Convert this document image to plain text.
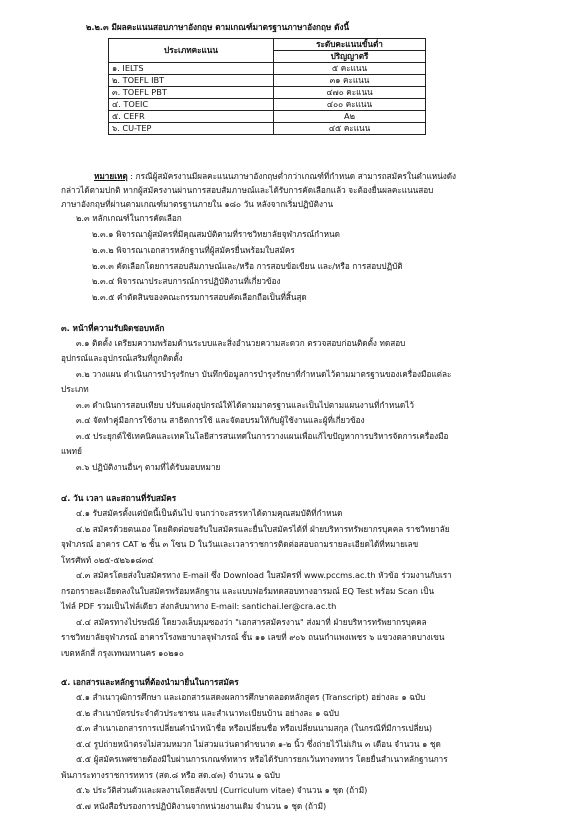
๒.๒.๓ มีผลคะแนนสอบภาษาอังกฤษ ตามเกณฑ์มาตรฐานภาษาอังกฤษ ดังนี้
ประเภทคะแนน	ระดับคะแนนขั้นต่ำ
	ปริญญาตรี
๑. IELTS	๕ คะแนน
๒. TOEFL IBT	๓๑ คะแนน
๓. TOEFL PBT	๔๗๐ คะแนน
๔. TOEIC	๔๐๐ คะแนน
๕. CEFR	A๒
๖. CU-TEP	๔๕ คะแนน
หมายเหตุ : กรณีผู้สมัครงานมีผลคะแนนภาษาอังกฤษต่ำกว่าเกณฑ์ที่กำหนด สามารถสมัครในตำแหน่งดัง
กล่าวได้ตามปกติ หากผู้สมัครงานผ่านการสอบสัมภาษณ์และได้รับการคัดเลือกแล้ว จะต้องยื่นผลคะแนนสอบ
ภาษาอังกฤษที่ผ่านตามเกณฑ์มาตรฐานภายใน ๑๘๐ วัน หลังจากเริ่มปฏิบัติงาน
๒.๓ หลักเกณฑ์ในการคัดเลือก
๒.๓.๑ พิจารณาผู้สมัครที่มีคุณสมบัติตามที่ราชวิทยาลัยจุฬาภรณ์กำหนด
๒.๓.๒ พิจารณาเอกสารหลักฐานที่ผู้สมัครยื่นพร้อมใบสมัคร
๒.๓.๓ คัดเลือกโดยการสอบสัมภาษณ์และ/หรือ การสอบข้อเขียน และ/หรือ การสอบปฏิบัติ
๒.๓.๔ พิจารณาประสบการณ์การปฏิบัติงานที่เกี่ยวข้อง
๒.๓.๕ คำตัดสินของคณะกรรมการสอบคัดเลือกถือเป็นที่สิ้นสุด
๓. หน้าที่ความรับผิดชอบหลัก
๓.๑ ติดตั้ง เตรียมความพร้อมด้านระบบและสิ่งอำนวยความสะดวก ตรวจสอบก่อนติดตั้ง ทดสอบ
อุปกรณ์และอุปกรณ์เสริมที่ถูกติดตั้ง
๓.๒ วางแผน ดำเนินการบำรุงรักษา บันทึกข้อมูลการบำรุงรักษาที่กำหนดไว้ตามมาตรฐานของเครื่องมือแต่ละ
ประเภท
๓.๓ ดำเนินการสอบเทียบ ปรับแต่งอุปกรณ์ให้ได้ตามมาตรฐานและเป็นไปตามแผนงานที่กำหนดไว้
๓.๔ จัดทำคู่มือการใช้งาน สาธิตการใช้ และจัดอบรมให้กับผู้ใช้งานและผู้ที่เกี่ยวข้อง
๓.๕ ประยุกต์ใช้เทคนิคและเทคโนโลยีสารสนเทศในการวางแผนเพื่อแก้ไขปัญหาการบริหารจัดการเครื่องมือ
แพทย์
๓.๖ ปฏิบัติงานอื่นๆ ตามที่ได้รับมอบหมาย
๔. วัน เวลา และสถานที่รับสมัคร
๔.๑ รับสมัครตั้งแต่บัดนี้เป็นต้นไป จนกว่าจะสรรหาได้ตามคุณสมบัติที่กำหนด
๔.๒ สมัครด้วยตนเอง โดยติดต่อขอรับใบสมัครและยื่นใบสมัครได้ที่ ฝ่ายบริหารทรัพยากรบุคคล ราชวิทยาลัย
จุฬาภรณ์ อาคาร CAT ๒ ชั้น ๓ โซน D ในวันและเวลาราชการติดต่อสอบถามรายละเอียดได้ที่หมายเลข
โทรศัพท์ ๐๒๕-๕๒๖๑๘๓๔
๔.๓ สมัครโดยส่งใบสมัครทาง E-mail ซึ่ง Download ใบสมัครที่ www.pccms.ac.th หัวข้อ ร่วมงานกับเรา
กรอกรายละเอียดลงในใบสมัครพร้อมหลักฐาน และแบบฟอร์มทดสอบทางอารมณ์ EQ Test พร้อม Scan เป็น
ไฟล์ PDF รวมเป็นไฟล์เดียว ส่งกลับมาทาง E-mail: santichai.ler@cra.ac.th
๔.๔ สมัครทางไปรษณีย์ โดยวงเล็บมุมซองว่า "เอกสารสมัครงาน" ส่งมาที่ ฝ่ายบริหารทรัพยากรบุคคล
ราชวิทยาลัยจุฬาภรณ์ อาคารโรงพยาบาลจุฬาภรณ์ ชั้น ๑๑ เลขที่ ๙๐๖ ถนนกำแพงเพชร ๖ แขวงตลาดบางเขน
เขตหลักสี่ กรุงเทพมหานคร ๑๐๒๑๐
๕. เอกสารและหลักฐานที่ต้องนำมายื่นในการสมัคร
๕.๑ สำเนาวุฒิการศึกษา และเอกสารแสดงผลการศึกษาตลอดหลักสูตร (Transcript) อย่างละ ๑ ฉบับ
๕.๒ สำเนาบัตรประจำตัวประชาชน และสำเนาทะเบียนบ้าน อย่างละ ๑ ฉบับ
๕.๓ สำเนาเอกสารการเปลี่ยนคำนำหน้าชื่อ หรือเปลี่ยนชื่อ หรือเปลี่ยนนามสกุล (ในกรณีที่มีการเปลี่ยน)
๕.๔ รูปถ่ายหน้าตรงไม่สวมหมวก ไม่สวมแว่นตาดำขนาด ๑-๒ นิ้ว ซึ่งถ่ายไว้ไม่เกิน ๓ เดือน จำนวน ๑ ชุด
๕.๕ ผู้สมัครเพศชายต้องมีใบผ่านการเกณฑ์ทหาร หรือได้รับการยกเว้นทางทหาร โดยยื่นสำเนาหลักฐานการ
พ้นภาระทางราชการทหาร (สด.๘ หรือ สด.๔๓) จำนวน ๑ ฉบับ
๕.๖ ประวัติส่วนตัวและผลงานโดยสังเขป (Curriculum vitae) จำนวน ๑ ชุด (ถ้ามี)
๕.๗ หนังสือรับรองการปฏิบัติงานจากหน่วยงานเดิม จำนวน ๑ ชุด (ถ้ามี)
